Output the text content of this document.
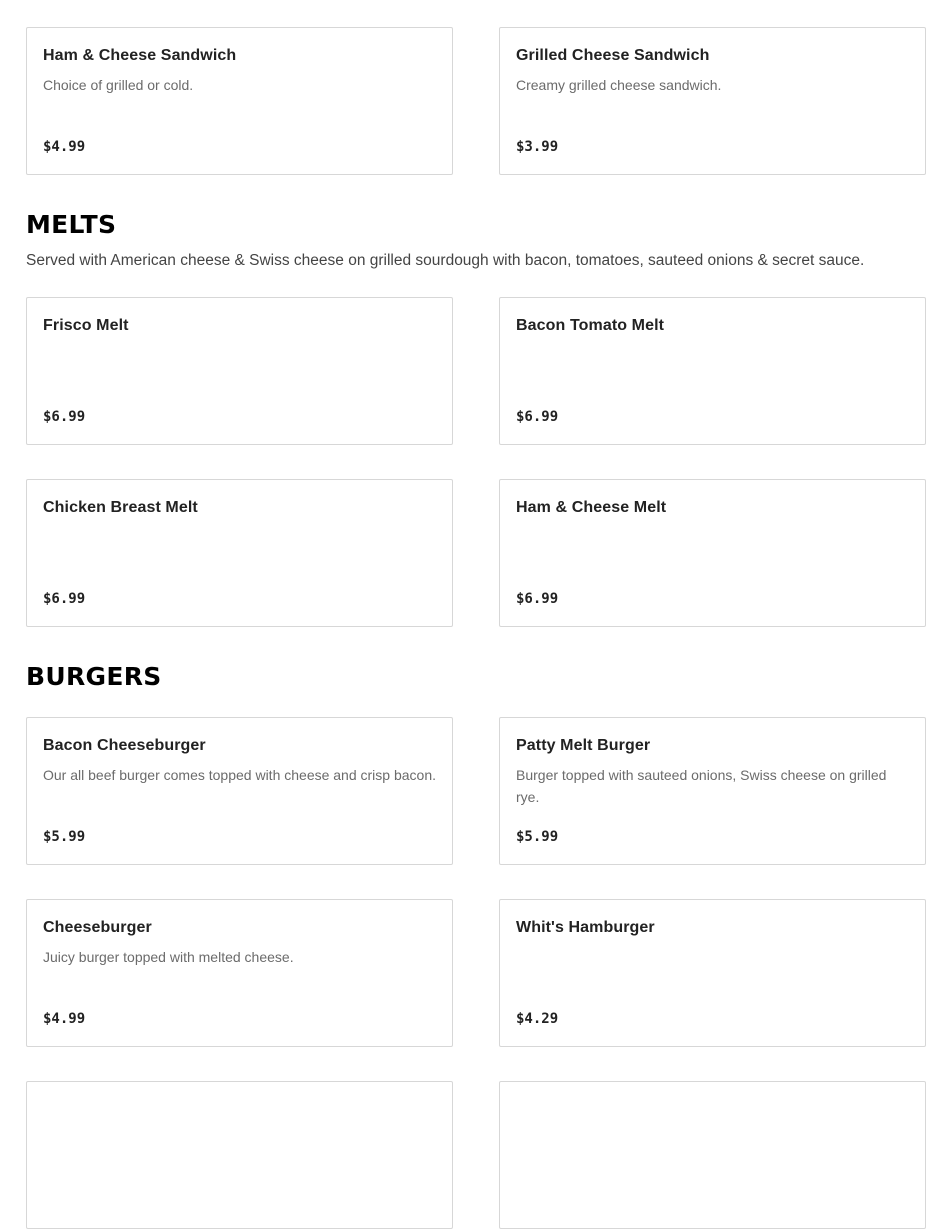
Ham & Cheese Sandwich
Choice of grilled or cold.
$4.99
Grilled Cheese Sandwich
Creamy grilled cheese sandwich.
$3.99
MELTS

Served with American cheese & Swiss cheese on grilled sourdough with bacon, tomatoes, sauteed onions & secret sauce.

Frisco Melt
$6.99
Bacon Tomato Melt
$6.99
Chicken Breast Melt
$6.99
Ham & Cheese Melt
$6.99
BURGERS
Bacon Cheeseburger
Our all beef burger comes topped with cheese and crisp bacon.
$5.99
Patty Melt Burger
Burger topped with sauteed onions, Swiss cheese on grilled rye.
$5.99
Cheeseburger
Juicy burger topped with melted cheese.
$4.99
Whit's Hamburger
$4.29
